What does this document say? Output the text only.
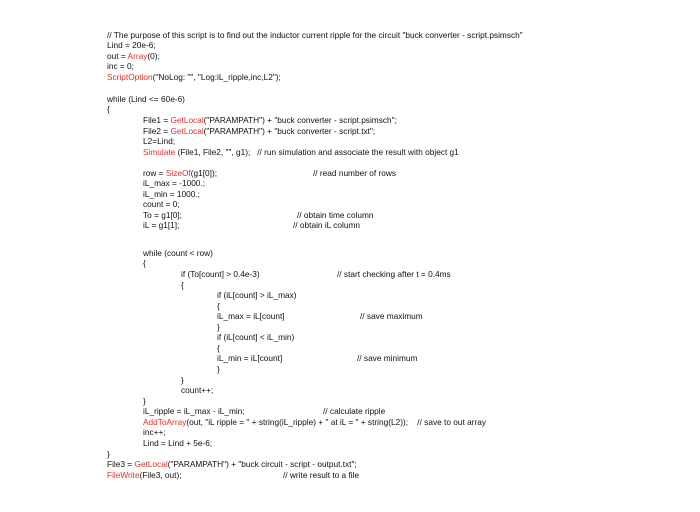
// The purpose of this script is to find out the inductor current ripple for the circuit "buck converter - script.psimsch"
Lind = 20e-6;
out = Array(0);
inc = 0;
ScriptOption("NoLog: "", "Log:iL_ripple,inc,L2");
while (Lind <= 60e-6)
{
File1 = GetLocal("PARAMPATH") + "buck converter - script.psimsch";
File2 = GetLocal("PARAMPATH") + "buck converter - script.txt";
L2=Lind;
Simulate (File1, File2, "", g1);   // run simulation and associate the result with object g1
row = SizeOf(g1[0]);	// read number of rows
iL_max = -1000.;
iL_min = 1000.;
count = 0;
To = g1[0];	// obtain time column
iL = g1[1];	// obtain iL column
while (count < row)
{
if (To[count] > 0.4e-3)	// start checking after t = 0.4ms
{
if (iL[count] > iL_max)
{
iL_max = iL[count]	// save maximum
}
if (iL[count] < iL_min)
{
iL_min = iL[count]	// save minimum
}
}
count++;
}
iL_ripple = iL_max - iL_min;	// calculate ripple
AddToArray(out, "iL ripple = " + string(iL_ripple) + " at iL = " + string(L2));    // save to out array
inc++;
Lind = Lind + 5e-6;
}
File3 = GetLocal("PARAMPATH") + "buck circuit - script - output.txt";
FileWrite(File3, out);	// write result to a file
